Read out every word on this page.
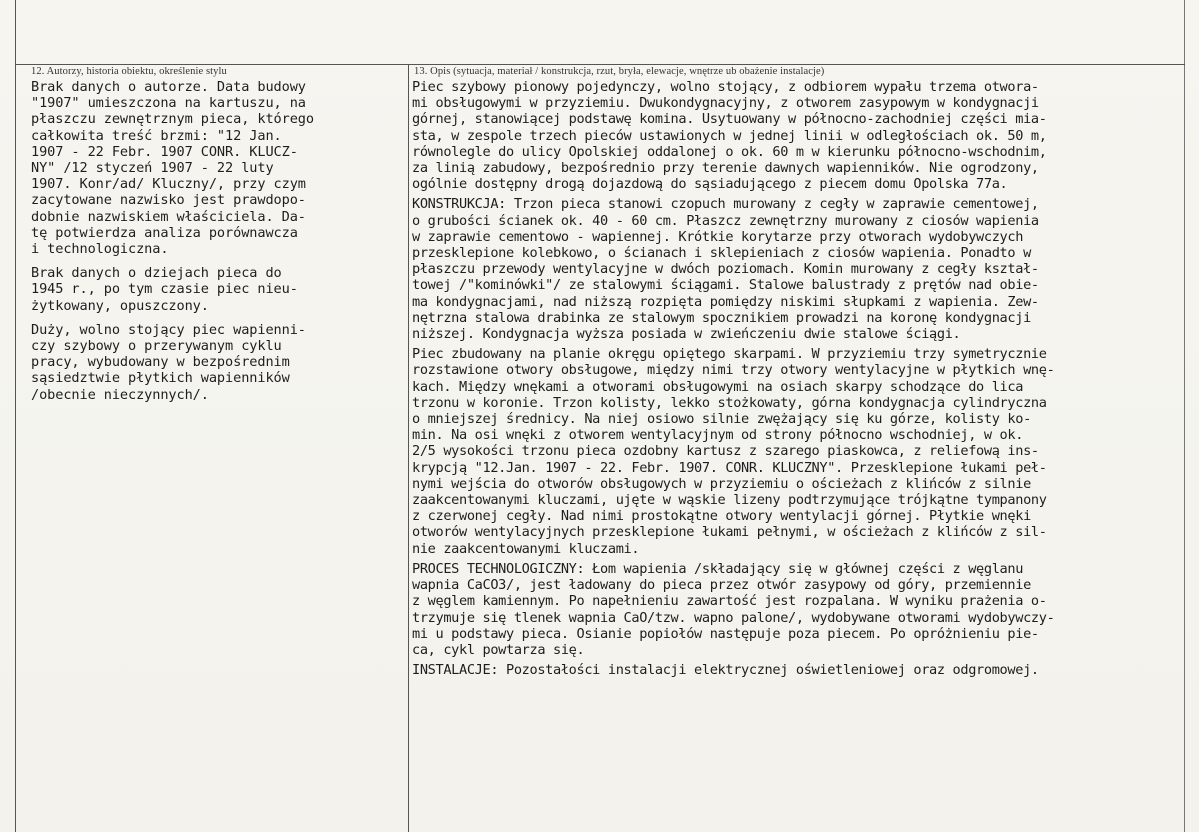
12. Autorzy, historia obiektu, określenie stylu	13. Opis (sytuacja, materiał / konstrukcja, rzut, bryła, elewacje, wnętrze ub obażenie instalacje)
Brak danych o autorze. Data budowy
"1907" umieszczona na kartuszu, na
płaszczu zewnętrznym pieca, którego
całkowita treść brzmi: "12 Jan.
1907 - 22 Febr. 1907 CONR. KLUCZ-
NY" /12 styczeń 1907 - 22 luty
1907. Konr/ad/ Kluczny/, przy czym
zacytowane nazwisko jest prawdopo-
dobnie nazwiskiem właściciela. Da-
tę potwierdza analiza porównawcza
i technologiczna.
Brak danych o dziejach pieca do
1945 r., po tym czasie piec nieu-
żytkowany, opuszczony.
Duży, wolno stojący piec wapienni-
czy szybowy o przerywanym cyklu
pracy, wybudowany w bezpośrednim
sąsiedztwie płytkich wapienników
/obecnie nieczynnych/.
Piec szybowy pionowy pojedynczy, wolno stojący, z odbiorem wypału trzema otwora-
mi obsługowymi w przyziemiu. Dwukondygnacyjny, z otworem zasypowym w kondygnacji
górnej, stanowiącej podstawę komina. Usytuowany w północno-zachodniej części mia-
sta, w zespole trzech pieców ustawionych w jednej linii w odległościach ok. 50 m,
równolegle do ulicy Opolskiej oddalonej o ok. 60 m w kierunku północno-wschodnim,
za linią zabudowy, bezpośrednio przy terenie dawnych wapienników. Nie ogrodzony,
ogólnie dostępny drogą dojazdową do sąsiadującego z piecem domu Opolska 77a.
KONSTRUKCJA: Trzon pieca stanowi czopuch murowany z cegły w zaprawie cementowej,
o grubości ścianek ok. 40 - 60 cm. Płaszcz zewnętrzny murowany z ciosów wapienia
w zaprawie cementowo - wapiennej. Krótkie korytarze przy otworach wydobywczych
przesklepione kolebkowo, o ścianach i sklepieniach z ciosów wapienia. Ponadto w
płaszczu przewody wentylacyjne w dwóch poziomach. Komin murowany z cegły kształ-
towej /"kominówki"/ ze stalowymi ściągami. Stalowe balustrady z prętów nad obie-
ma kondygnacjami, nad niższą rozpięta pomiędzy niskimi słupkami z wapienia. Zew-
nętrzna stalowa drabinka ze stalowym spocznikiem prowadzi na koronę kondygnacji
niższej. Kondygnacja wyższa posiada w zwieńczeniu dwie stalowe ściągi.
Piec zbudowany na planie okręgu opiętego skarpami. W przyziemiu trzy symetrycznie
rozstawione otwory obsługowe, między nimi trzy otwory wentylacyjne w płytkich wnę-
kach. Między wnękami a otworami obsługowymi na osiach skarpy schodzące do lica
trzonu w koronie. Trzon kolisty, lekko stożkowaty, górna kondygnacja cylindryczna
o mniejszej średnicy. Na niej osiowo silnie zwężający się ku górze, kolisty ko-
min. Na osi wnęki z otworem wentylacyjnym od strony północno wschodniej, w ok.
2/5 wysokości trzonu pieca ozdobny kartusz z szarego piaskowca, z reliefową ins-
krypcją "12.Jan. 1907 - 22. Febr. 1907. CONR. KLUCZNY". Przesklepione łukami peł-
nymi wejścia do otworów obsługowych w przyziemiu o ościeżach z klińców z silnie
zaakcentowanymi kluczami, ujęte w wąskie lizeny podtrzymujące trójkątne tympanony
z czerwonej cegły. Nad nimi prostokątne otwory wentylacji górnej. Płytkie wnęki
otworów wentylacyjnych przesklepione łukami pełnymi, w ościeżach z klińców z sil-
nie zaakcentowanymi kluczami.
PROCES TECHNOLOGICZNY: Łom wapienia /składający się w głównej części z węglanu
wapnia CaCO3/, jest ładowany do pieca przez otwór zasypowy od góry, przemiennie
z węglem kamiennym. Po napełnieniu zawartość jest rozpalana. W wyniku prażenia o-
trzymuje się tlenek wapnia CaO/tzw. wapno palone/, wydobywane otworami wydobywczy-
mi u podstawy pieca. Osianie popiołów następuje poza piecem. Po opróżnieniu pie-
ca, cykl powtarza się.
INSTALACJE: Pozostałości instalacji elektrycznej oświetleniowej oraz odgromowej.
